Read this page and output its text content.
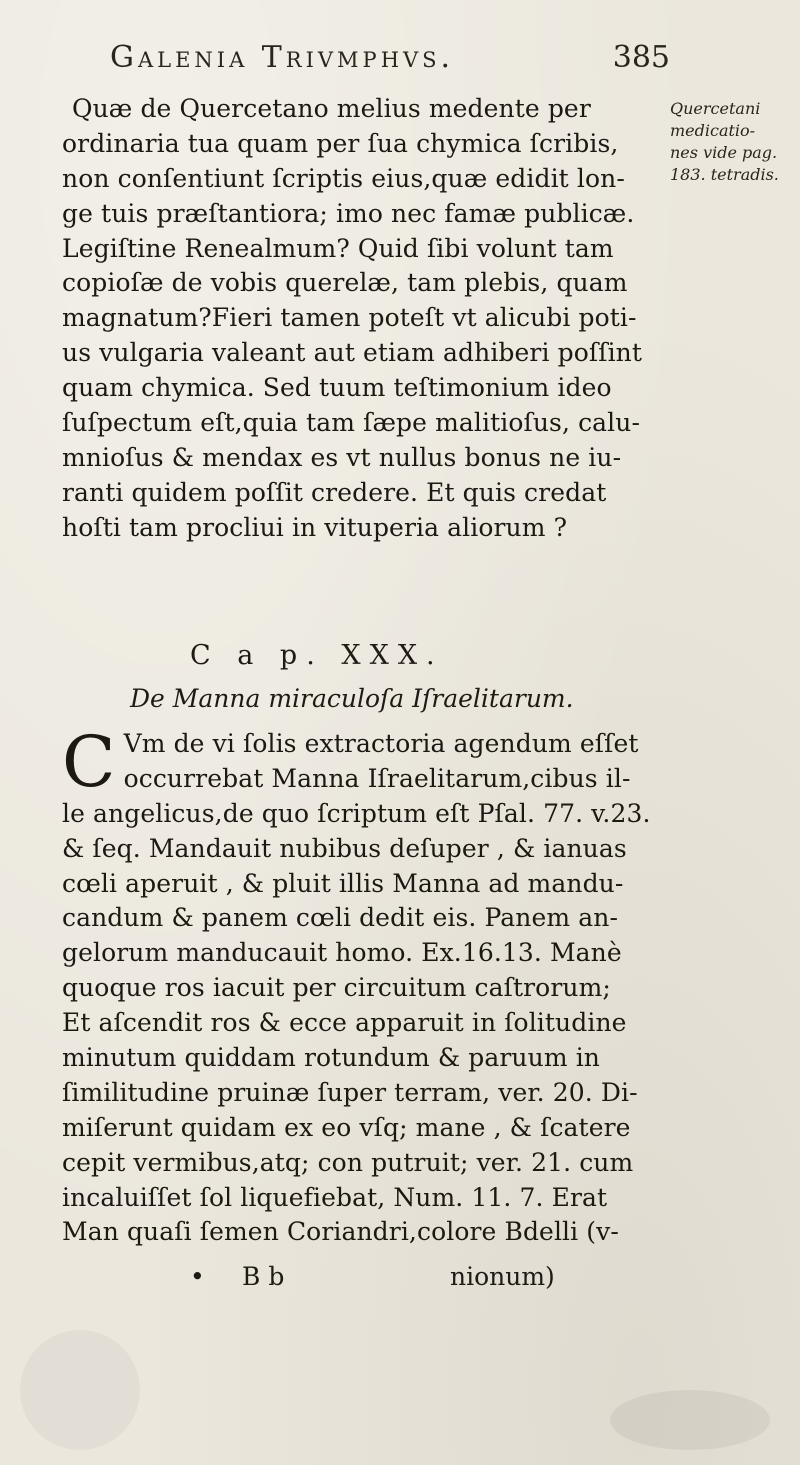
Galenia Trivmphvs.	385
Quæ de Quercetano melius medente per
ordinaria tua quam per ſua chymica ſcribis,
non conſentiunt ſcriptis eius,quæ edidit lon-
ge tuis præſtantiora; imo nec famæ publicæ.
Legiſtine Renealmum? Quid ſibi volunt tam
copioſæ de vobis querelæ, tam plebis, quam
magnatum?Fieri tamen poteſt vt alicubi poti-
us vulgaria valeant aut etiam adhiberi poſſint
quam chymica. Sed tuum teſtimonium ideo
ſuſpectum eſt,quia tam ſæpe malitioſus, calu-
mnioſus & mendax es vt nullus bonus ne iu-
ranti quidem poſſit credere. Et quis credat
hoſti tam procliui in vituperia aliorum ?
Quercetani
medicatio-
nes vide pag.
183. tetradis.
C a p. XXX.
De Manna miraculoſa Iſraelitarum.
C Vm de vi ſolis extractoria agendum eſſet
occurrebat Manna Iſraelitarum,cibus il-
le angelicus,de quo ſcriptum eſt Pſal. 77. v.23.
& ſeq. Mandauit nubibus deſuper , & ianuas
cœli aperuit , & pluit illis Manna ad mandu-
candum & panem cœli dedit eis. Panem an-
gelorum manducauit homo. Ex.16.13. Manè
quoque ros iacuit per circuitum caſtrorum;
Et aſcendit ros & ecce apparuit in ſolitudine
minutum quiddam rotundum & paruum in
ſimilitudine pruinæ ſuper terram, ver. 20. Di-
miſerunt quidam ex eo vſq; mane , & ſcatere
cepit vermibus,atq; con putruit; ver. 21. cum
incaluiſſet ſol liquefiebat, Num. 11. 7. Erat
Man quaſi ſemen Coriandri,colore Bdelli (v-
• B b	nionum)
